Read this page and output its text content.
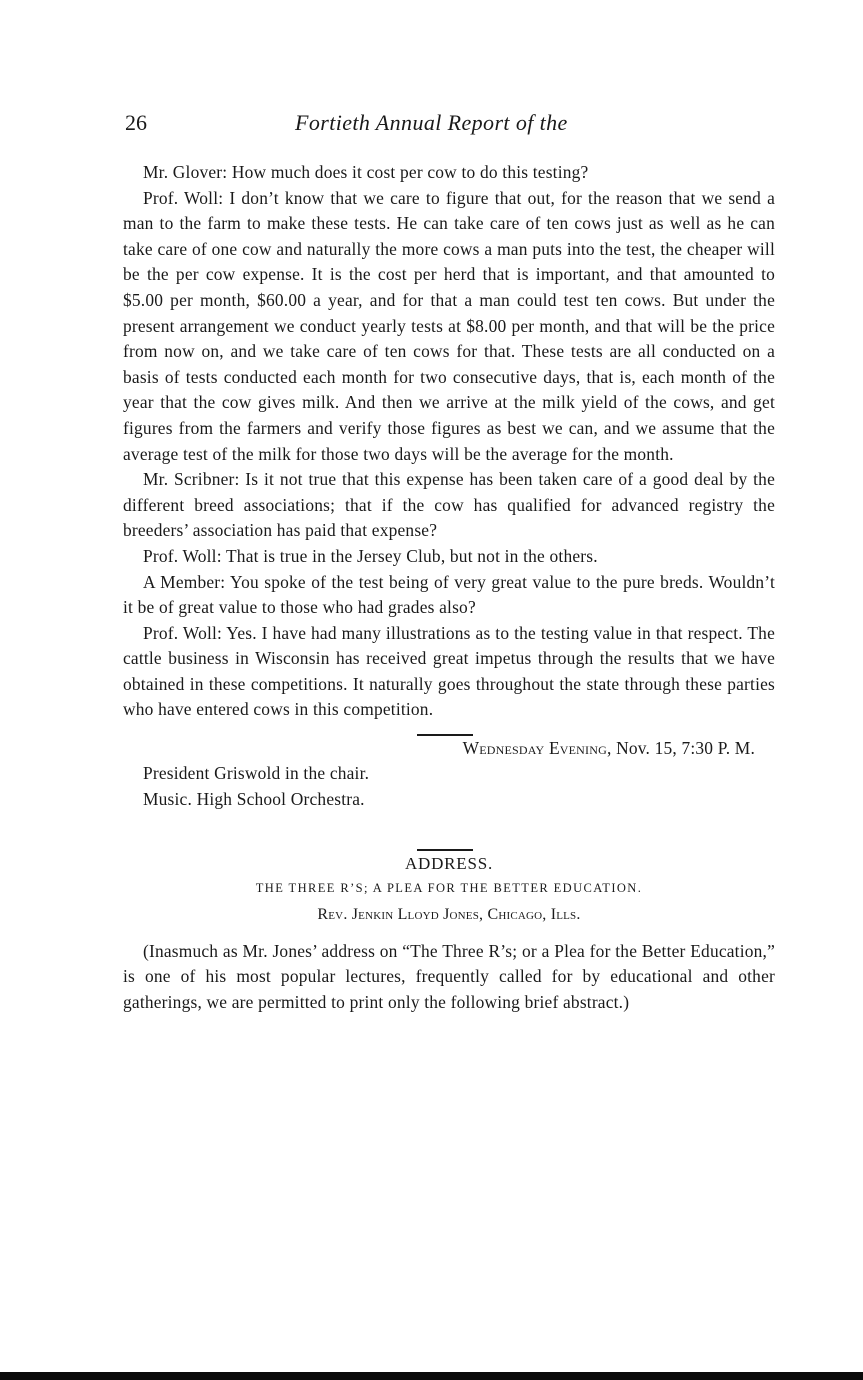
26	Fortieth Annual Report of the

Mr. Glover: How much does it cost per cow to do this testing?

Prof. Woll: I don’t know that we care to figure that out, for the reason that we send a man to the farm to make these tests. He can take care of ten cows just as well as he can take care of one cow and naturally the more cows a man puts into the test, the cheaper will be the per cow expense. It is the cost per herd that is important, and that amounted to $5.00 per month, $60.00 a year, and for that a man could test ten cows. But under the present arrangement we conduct yearly tests at $8.00 per month, and that will be the price from now on, and we take care of ten cows for that. These tests are all conducted on a basis of tests conducted each month for two consecutive days, that is, each month of the year that the cow gives milk. And then we arrive at the milk yield of the cows, and get figures from the farmers and verify those figures as best we can, and we assume that the average test of the milk for those two days will be the average for the month.

Mr. Scribner: Is it not true that this expense has been taken care of a good deal by the different breed associations; that if the cow has qualified for advanced registry the breeders’ association has paid that expense?

Prof. Woll: That is true in the Jersey Club, but not in the others.

A Member: You spoke of the test being of very great value to the pure breds. Wouldn’t it be of great value to those who had grades also?

Prof. Woll: Yes. I have had many illustrations as to the testing value in that respect. The cattle business in Wisconsin has received great impetus through the results that we have obtained in these competitions. It naturally goes throughout the state through these parties who have entered cows in this competition.

Wednesday Evening, Nov. 15, 7:30 P. M.

President Griswold in the chair.

Music. High School Orchestra.

ADDRESS.

THE THREE R’S; A PLEA FOR THE BETTER EDUCATION.

Rev. Jenkin Lloyd Jones, Chicago, Ills.

(Inasmuch as Mr. Jones’ address on “The Three R’s; or a Plea for the Better Education,” is one of his most popular lectures, frequently called for by educational and other gatherings, we are permitted to print only the following brief abstract.)
